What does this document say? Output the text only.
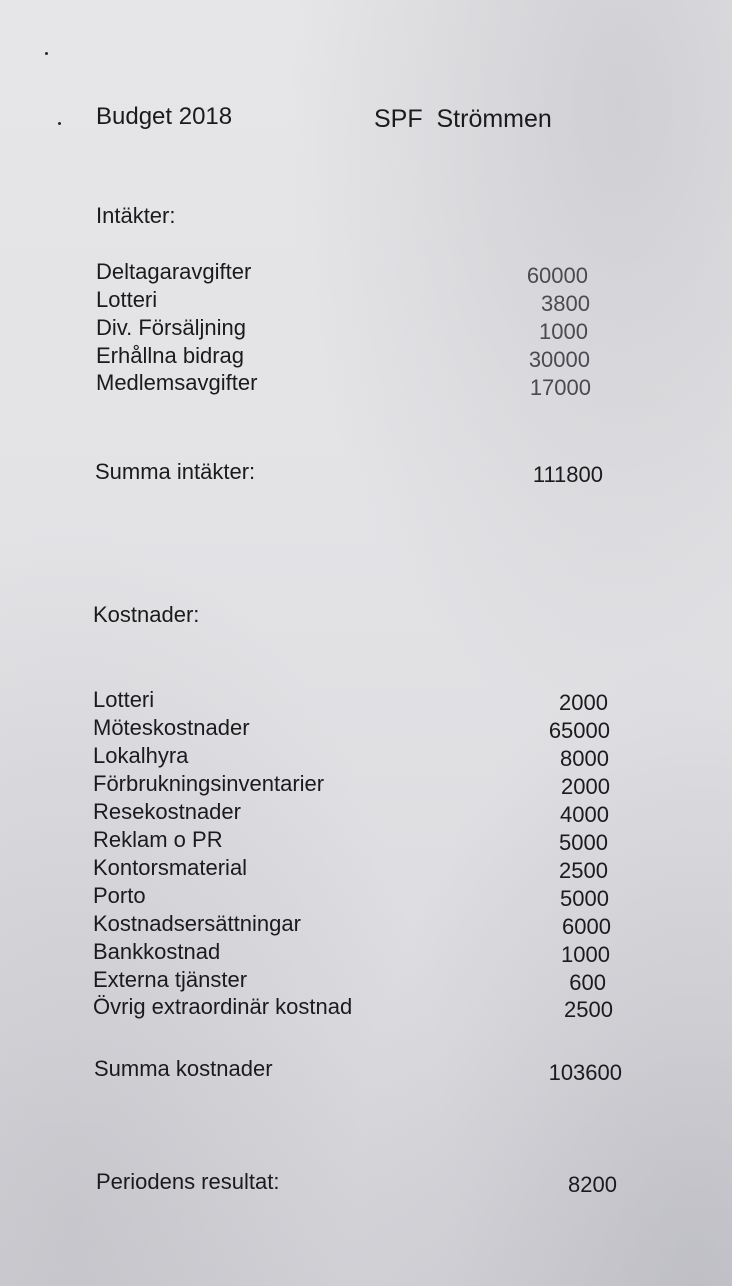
Budget 2018	SPF  Strömmen
Intäkter:
Deltagaravgifter	60000
Lotteri	3800
Div. Försäljning	1000
Erhållna bidrag	30000
Medlemsavgifter	17000
Summa intäkter:	111800
Kostnader:
Lotteri	2000
Möteskostnader	65000
Lokalhyra	8000
Förbrukningsinventarier	2000
Resekostnader	4000
Reklam o PR	5000
Kontorsmaterial	2500
Porto	5000
Kostnadsersättningar	6000
Bankkostnad	1000
Externa tjänster	600
Övrig extraordinär kostnad	2500
Summa kostnader	103600
Periodens resultat:	8200
